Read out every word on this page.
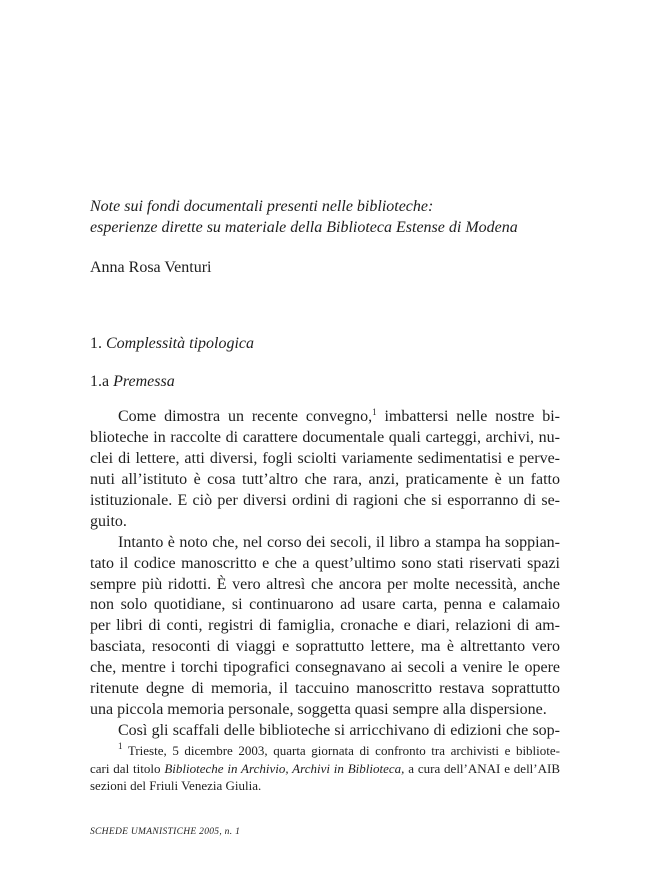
Note sui fondi documentali presenti nelle biblioteche:
esperienze dirette su materiale della Biblioteca Estense di Modena
Anna Rosa Venturi
1. Complessità tipologica
1.a Premessa

Come dimostra un recente convegno,$^1$ imbattersi nelle nostre bi-
blioteche in raccolte di carattere documentale quali carteggi, archivi, nu-
clei di lettere, atti diversi, fogli sciolti variamente sedimentatisi e perve-
nuti all’istituto è cosa tutt’altro che rara, anzi, praticamente è un fatto
istituzionale. E ciò per diversi ordini di ragioni che si esporranno di se-
guito.

Intanto è noto che, nel corso dei secoli, il libro a stampa ha soppian-
tato il codice manoscritto e che a quest’ultimo sono stati riservati spazi
sempre più ridotti. È vero altresì che ancora per molte necessità, anche
non solo quotidiane, si continuarono ad usare carta, penna e calamaio
per libri di conti, registri di famiglia, cronache e diari, relazioni di am-
basciata, resoconti di viaggi e soprattutto lettere, ma è altrettanto vero
che, mentre i torchi tipografici consegnavano ai secoli a venire le opere
ritenute degne di memoria, il taccuino manoscritto restava soprattutto
una piccola memoria personale, soggetta quasi sempre alla dispersione.

Così gli scaffali delle biblioteche si arricchivano di edizioni che sop-

$^1$ Trieste, 5 dicembre 2003, quarta giornata di confronto tra archivisti e bibliote-
cari dal titolo Biblioteche in Archivio, Archivi in Biblioteca, a cura dell’ANAI e dell’AIB
sezioni del Friuli Venezia Giulia.
SCHEDE UMANISTICHE 2005, n. 1
